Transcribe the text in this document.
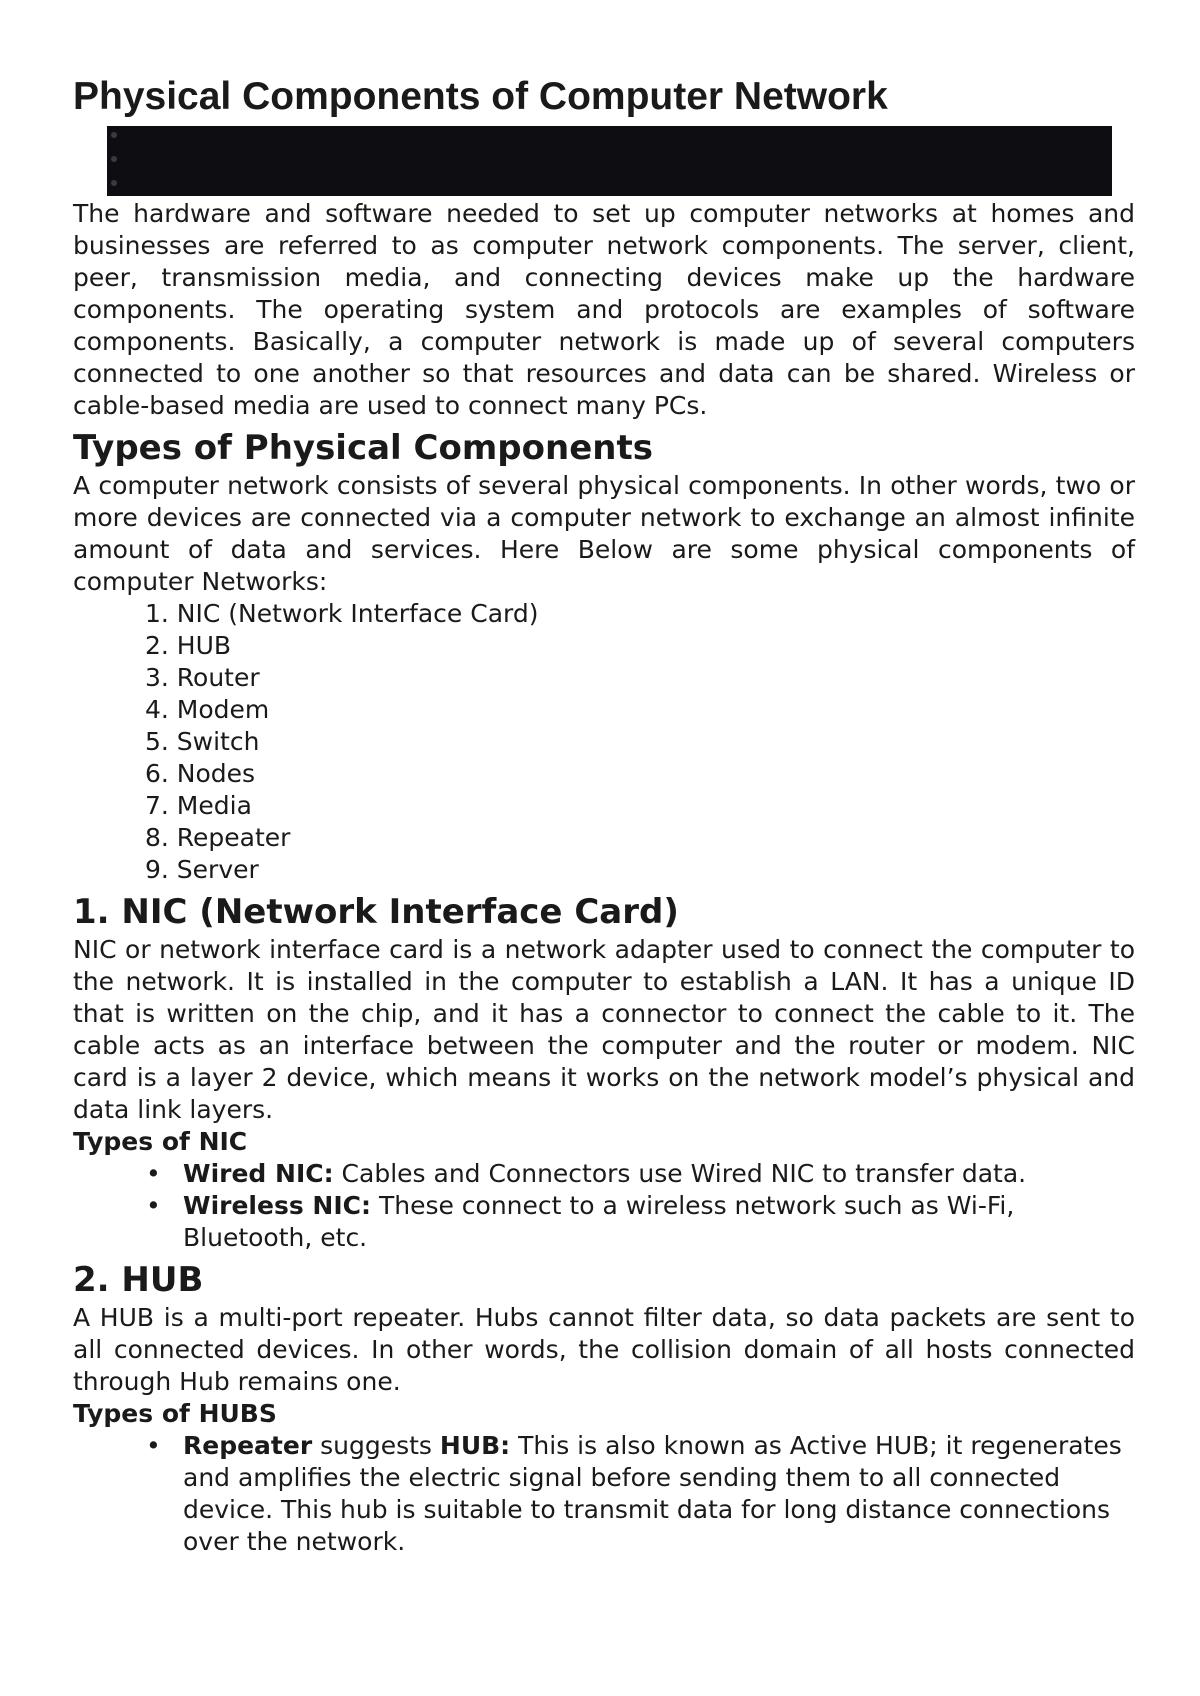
Physical Components of Computer Network

The hardware and software needed to set up computer networks at homes and businesses are referred to as computer network components. The server, client, peer, transmission media, and connecting devices make up the hardware components. The operating system and protocols are examples of software components. Basically, a computer network is made up of several computers connected to one another so that resources and data can be shared. Wireless or cable-based media are used to connect many PCs.

Types of Physical Components

A computer network consists of several physical components. In other words, two or more devices are connected via a computer network to exchange an almost infinite amount of data and services. Here Below are some physical components of computer Networks:

1. NIC (Network Interface Card)
2. HUB
3. Router
4. Modem
5. Switch
6. Nodes
7. Media
8. Repeater
9. Server
1. NIC (Network Interface Card)

NIC or network interface card is a network adapter used to connect the computer to the network. It is installed in the computer to establish a LAN. It has a unique ID that is written on the chip, and it has a connector to connect the cable to it. The cable acts as an interface between the computer and the router or modem. NIC card is a layer 2 device, which means it works on the network model’s physical and data link layers.

Types of NIC
• Wired NIC: Cables and Connectors use Wired NIC to transfer data.
• Wireless NIC: These connect to a wireless network such as Wi-Fi, Bluetooth, etc.
2. HUB

A HUB is a multi-port repeater. Hubs cannot filter data, so data packets are sent to all connected devices. In other words, the collision domain of all hosts connected through Hub remains one.

Types of HUBS
• Repeater suggests HUB: This is also known as Active HUB; it regenerates and amplifies the electric signal before sending them to all connected device. This hub is suitable to transmit data for long distance connections over the network.
